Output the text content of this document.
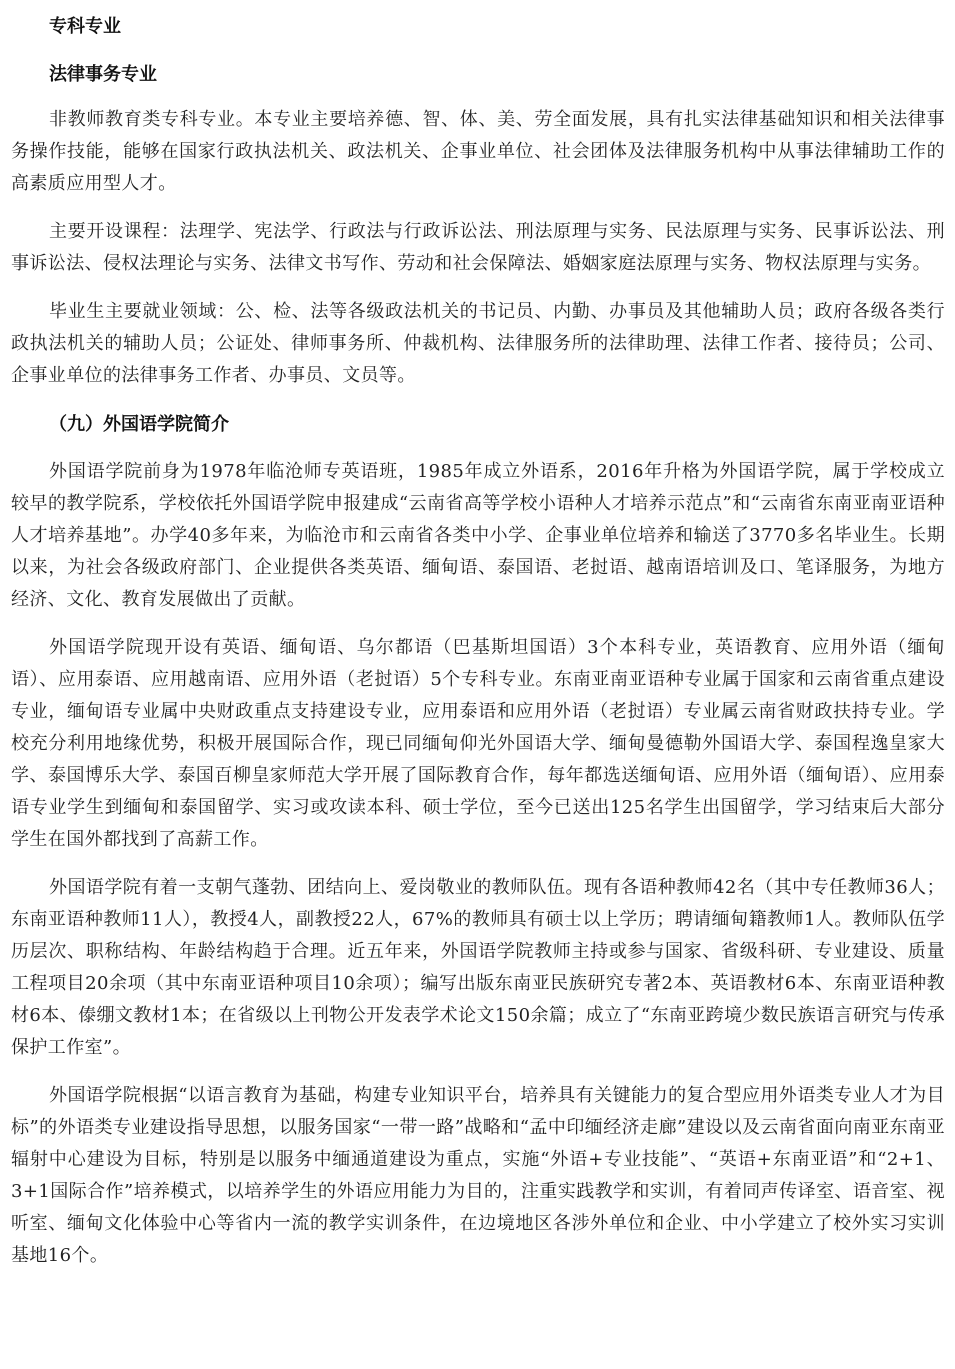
专科专业

法律事务专业

非教师教育类专科专业。本专业主要培养德、智、体、美、劳全面发展，具有扎实法律基础知识和相关法律事务操作技能，能够在国家行政执法机关、政法机关、企事业单位、社会团体及法律服务机构中从事法律辅助工作的高素质应用型人才。

主要开设课程：法理学、宪法学、行政法与行政诉讼法、刑法原理与实务、民法原理与实务、民事诉讼法、刑事诉讼法、侵权法理论与实务、法律文书写作、劳动和社会保障法、婚姻家庭法原理与实务、物权法原理与实务。

毕业生主要就业领域：公、检、法等各级政法机关的书记员、内勤、办事员及其他辅助人员；政府各级各类行政执法机关的辅助人员；公证处、律师事务所、仲裁机构、法律服务所的法律助理、法律工作者、接待员；公司、企事业单位的法律事务工作者、办事员、文员等。

（九）外国语学院简介

外国语学院前身为1978年临沧师专英语班，1985年成立外语系，2016年升格为外国语学院，属于学校成立较早的教学院系，学校依托外国语学院申报建成“云南省高等学校小语种人才培养示范点”和“云南省东南亚南亚语种人才培养基地”。办学40多年来，为临沧市和云南省各类中小学、企事业单位培养和输送了3770多名毕业生。长期以来，为社会各级政府部门、企业提供各类英语、缅甸语、泰国语、老挝语、越南语培训及口、笔译服务，为地方经济、文化、教育发展做出了贡献。

外国语学院现开设有英语、缅甸语、乌尔都语（巴基斯坦国语）3个本科专业，英语教育、应用外语（缅甸语）、应用泰语、应用越南语、应用外语（老挝语）5个专科专业。东南亚南亚语种专业属于国家和云南省重点建设专业，缅甸语专业属中央财政重点支持建设专业，应用泰语和应用外语（老挝语）专业属云南省财政扶持专业。学校充分利用地缘优势，积极开展国际合作，现已同缅甸仰光外国语大学、缅甸曼德勒外国语大学、泰国程逸皇家大学、泰国博乐大学、泰国百柳皇家师范大学开展了国际教育合作，每年都选送缅甸语、应用外语（缅甸语）、应用泰语专业学生到缅甸和泰国留学、实习或攻读本科、硕士学位，至今已送出125名学生出国留学，学习结束后大部分学生在国外都找到了高薪工作。

外国语学院有着一支朝气蓬勃、团结向上、爱岗敬业的教师队伍。现有各语种教师42名（其中专任教师36人；东南亚语种教师11人），教授4人，副教授22人，67%的教师具有硕士以上学历；聘请缅甸籍教师1人。教师队伍学历层次、职称结构、年龄结构趋于合理。近五年来，外国语学院教师主持或参与国家、省级科研、专业建设、质量工程项目20余项（其中东南亚语种项目10余项）；编写出版东南亚民族研究专著2本、英语教材6本、东南亚语种教材6本、傣绷文教材1本；在省级以上刊物公开发表学术论文150余篇；成立了“东南亚跨境少数民族语言研究与传承保护工作室”。

外国语学院根据“以语言教育为基础，构建专业知识平台，培养具有关键能力的复合型应用外语类专业人才为目标”的外语类专业建设指导思想，以服务国家“一带一路”战略和“孟中印缅经济走廊”建设以及云南省面向南亚东南亚辐射中心建设为目标，特别是以服务中缅通道建设为重点，实施“外语+专业技能”、“英语+东南亚语”和“2+1、3+1国际合作”培养模式，以培养学生的外语应用能力为目的，注重实践教学和实训，有着同声传译室、语音室、视听室、缅甸文化体验中心等省内一流的教学实训条件，在边境地区各涉外单位和企业、中小学建立了校外实习实训基地16个。
